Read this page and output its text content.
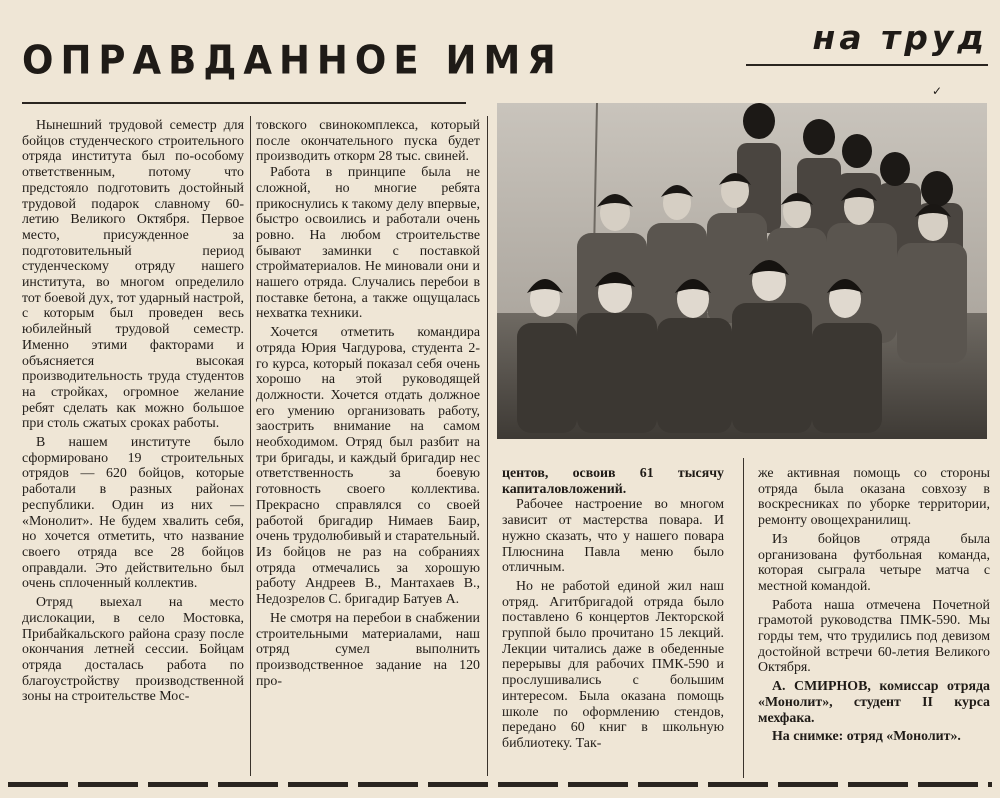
ОПРАВДАННОЕ ИМЯ
на труд
✓

Нынешний трудовой семестр для бойцов студенческого строительного отряда института был по-особому ответственным, потому что предстояло подготовить достойный трудовой подарок славному 60-летию Великого Октября. Первое место, присужденное за подготовительный период студенческому отряду нашего института, во многом определило тот боевой дух, тот ударный настрой, с которым был проведен весь юбилейный трудовой семестр. Именно этими факторами и объясняется высокая производительность труда студентов на стройках, огромное желание ребят сделать как можно большое при столь сжатых сроках работы.

В нашем институте было сформировано 19 строительных отрядов — 620 бойцов, которые работали в разных районах республики. Один из них — «Монолит». Не будем хвалить себя, но хочется отметить, что название своего отряда все 28 бойцов оправдали. Это действительно был очень сплоченный коллектив.

Отряд выехал на место дислокации, в село Мостовка, Прибайкальского района сразу после окончания летней сессии. Бойцам отряда досталась работа по благоустройству производственной зоны на строительстве Мос-

товского свинокомплекса, который после окончательного пуска будет производить откорм 28 тыс. свиней.

Работа в принципе была не сложной, но многие ребята прикоснулись к такому делу впервые, быстро освоились и работали очень ровно. На любом строительстве бывают заминки с поставкой стройматериалов. Не миновали они и нашего отряда. Случались перебои в поставке бетона, а также ощущалась нехватка техники.

Хочется отметить командира отряда Юрия Чагдурова, студента 2-го курса, который показал себя очень хорошо на этой руководящей должности. Хочется отдать должное его умению организовать работу, заострить внимание на самом необходимом. Отряд был разбит на три бригады, и каждый бригадир нес ответственность за боевую готовность своего коллектива. Прекрасно справлялся со своей работой бригадир Нимаев Баир, очень трудолюбивый и старательный. Из бойцов не раз на собраниях отряда отмечались за хорошую работу Андреев В., Мантахаев В., Недозрелов С. бригадир Батуев А.

Не смотря на перебои в снабжении строительными материалами, наш отряд сумел выполнить производственное задание на 120 про-

центов, освоив 61 тысячу капиталовложений.

Рабочее настроение во многом зависит от мастерства повара. И нужно сказать, что у нашего повара Плюснина Павла меню было отличным.

Но не работой единой жил наш отряд. Агитбригадой отряда было поставлено 6 концертов Лекторской группой было прочитано 15 лекций. Лекции читались даже в обеденные перерывы для рабочих ПМК-590 и прослушивались с большим интересом. Была оказана помощь школе по оформлению стендов, передано 60 книг в школьную библиотеку. Так-

же активная помощь со стороны отряда была оказана совхозу в воскресниках по уборке территории, ремонту овощехранилищ.

Из бойцов отряда была организована футбольная команда, которая сыграла четыре матча с местной командой.

Работа наша отмечена Почетной грамотой руководства ПМК-590. Мы горды тем, что трудились под девизом достойной встречи 60-летия Великого Октября.

А. СМИРНОВ, комиссар отряда «Монолит», студент II курса мехфака.

На снимке: отряд «Монолит».
